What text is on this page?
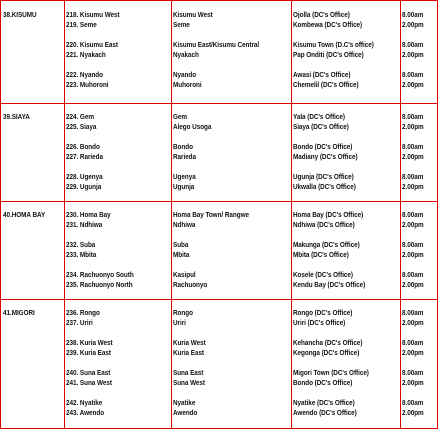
38.KISUMU	218. Kisumu West	Kisumu West	Ojolla (DC's Office)	8.00am
219. Seme	Seme	Kombewa (DC's Office)	2.00pm
220. Kisumu East	Kisumu East/Kisumu Central	Kisumu Town (D.C's office)	8.00am
221. Nyakach	Nyakach	Pap Onditi (DC's Office)	2.00pm
222. Nyando	Nyando	Awasi (DC's Office)	8.00am
223. Muhoroni	Muhoroni	Chemelil (DC's Office)	2.00pm
39.SIAYA	224. Gem	Gem	Yala (DC's Office)	8.00am
225. Siaya	Alego Usoga	Siaya (DC's Office)	2.00pm
226. Bondo	Bondo	Bondo (DC's Office)	8.00am
227. Rarieda	Rarieda	Madiany (DC's Office)	2.00pm
228. Ugenya	Ugenya	Ugunja (DC's Office)	8.00am
229. Ugunja	Ugunja	Ukwalla (DC's Office)	2.00pm
40.HOMA BAY	230. Homa Bay	Homa Bay Town/ Rangwe	Homa Bay (DC's Office)	8.00am
231. Ndhiwa	Ndhiwa	Ndhiwa (DC's Office)	2.00pm
232. Suba	Suba	Makunga (DC's Office)	8.00am
233. Mbita	Mbita	Mbita (DC's Office)	2.00pm
234. Rachuonyo South	Kasipul	Kosele (DC's Office)	8.00am
235. Rachuonyo North	Rachuonyo	Kendu Bay (DC's Office)	2.00pm
41.MIGORI	236. Rongo	Rongo	Rongo (DC's Office)	8.00am
237. Uriri	Uriri	Uriri (DC's Office)	2.00pm
238. Kuria West	Kuria West	Kehancha (DC's Office)	8.00am
239. Kuria East	Kuria East	Kegonga (DC's Office)	2.00pm
240. Suna East	Suna East	Migori Town (DC's Office)	8.00am
241. Suna West	Suna West	Bondo (DC's Office)	2.00pm
242. Nyatike	Nyatike	Nyatike (DC's Office)	8.00am
243. Awendo	Awendo	Awendo (DC's Office)	2.00pm
